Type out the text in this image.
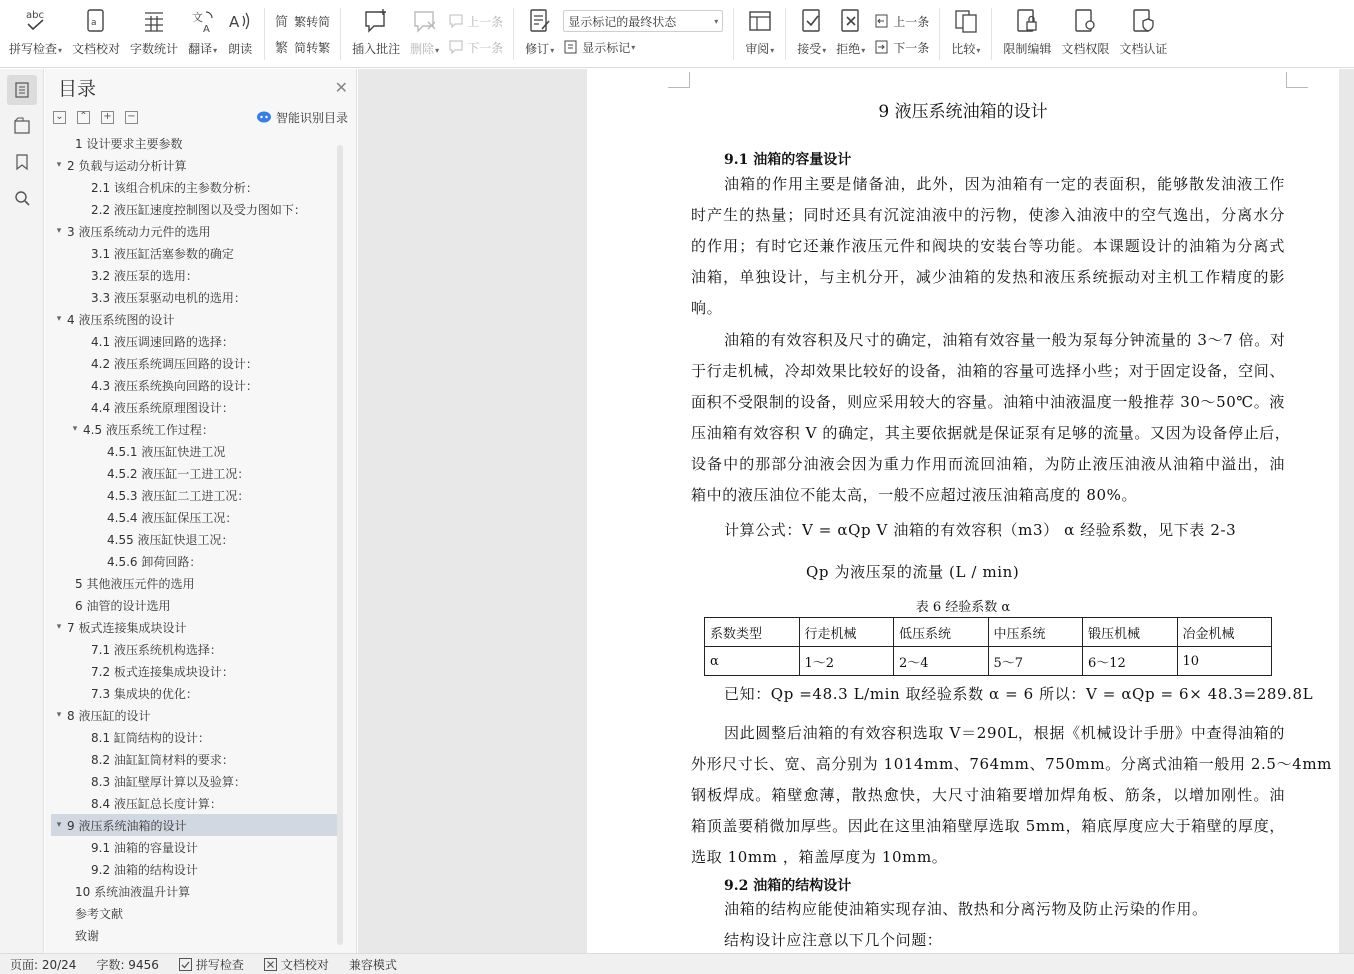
abc
拼写检查▾
a
文档校对 字数统计
文
A
翻译▾
A
朗读
简 繁转简
繁 简转繁 插入批注 删除▾
上一条
下一条 修订▾
显示标记的最终状态	▾
显示标记 ▾	审阅▾ 接受▾ 拒绝▾
上一条
下一条 比较▾ 限制编辑 文档权限 文档认证
目录	✕
⌄ ⌃ + −	智能识别目录
1 设计要求主要参数
▾ 2 负载与运动分析计算
2.1 该组合机床的主参数分析：
2.2 液压缸速度控制图以及受力图如下：
▾ 3 液压系统动力元件的选用
3.1 液压缸活塞参数的确定
3.2 液压泵的选用：
3.3 液压泵驱动电机的选用：
▾ 4 液压系统图的设计
4.1 液压调速回路的选择：
4.2 液压系统调压回路的设计：
4.3 液压系统换向回路的设计：
4.4 液压系统原理图设计：
▾ 4.5 液压系统工作过程：
4.5.1 液压缸快进工况
4.5.2 液压缸一工进工况：
4.5.3 液压缸二工进工况：
4.5.4 液压缸保压工况：
4.55 液压缸快退工况：
4.5.6 卸荷回路：
5 其他液压元件的选用
6 油管的设计选用
▾ 7 板式连接集成块设计
7.1 液压系统机构选择：
7.2 板式连接集成块设计：
7.3 集成块的优化：
▾ 8 液压缸的设计
8.1 缸筒结构的设计：
8.2 油缸缸筒材料的要求：
8.3 油缸壁厚计算以及验算：
8.4 液压缸总长度计算：
▾ 9 液压系统油箱的设计
9.1 油箱的容量设计
9.2 油箱的结构设计
10 系统油液温升计算
参考文献
致谢
9 液压系统油箱的设计
9.1 油箱的容量设计
油箱的作用主要是储备油，此外，因为油箱有一定的表面积，能够散发油液工作
时产生的热量；同时还具有沉淀油液中的污物，使渗入油液中的空气逸出，分离水分
的作用；有时它还兼作液压元件和阀块的安装台等功能。本课题设计的油箱为分离式
油箱，单独设计，与主机分开，减少油箱的发热和液压系统振动对主机工作精度的影
响。
油箱的有效容积及尺寸的确定，油箱有效容量一般为泵每分钟流量的 3～7 倍。对
于行走机械，冷却效果比较好的设备，油箱的容量可选择小些；对于固定设备，空间、
面积不受限制的设备，则应采用较大的容量。油箱中油液温度一般推荐 30～50℃。液
压油箱有效容积 V 的确定，其主要依据就是保证泵有足够的流量。又因为设备停止后，
设备中的那部分油液会因为重力作用而流回油箱，为防止液压油液从油箱中溢出，油
箱中的液压油位不能太高，一般不应超过液压油箱高度的 80%。
计算公式：V = αQp V 油箱的有效容积（m3） α 经验系数，见下表 2-3
Qp 为液压泵的流量 (L / min)
表 6 经验系数 α
系数类型	行走机械	低压系统	中压系统	锻压机械	冶金机械
α	1～2	2～4	5～7	6～12	10
已知：Qp =48.3 L/min 取经验系数 α = 6 所以：V = αQp = 6× 48.3=289.8L
因此圆整后油箱的有效容积选取 V＝290L，根据《机械设计手册》中查得油箱的
外形尺寸长、宽、高分别为 1014mm、764mm、750mm。分离式油箱一般用 2.5～4mm
钢板焊成。箱壁愈薄，散热愈快，大尺寸油箱要增加焊角板、筋条，以增加刚性。油
箱顶盖要稍微加厚些。因此在这里油箱壁厚选取 5mm，箱底厚度应大于箱壁的厚度，
选取 10mm ，箱盖厚度为 10mm。
9.2 油箱的结构设计
油箱的结构应能使油箱实现存油、散热和分离污物及防止污染的作用。
结构设计应注意以下几个问题：
页面: 20/24 字数: 9456	拼写检查	文档校对 兼容模式
